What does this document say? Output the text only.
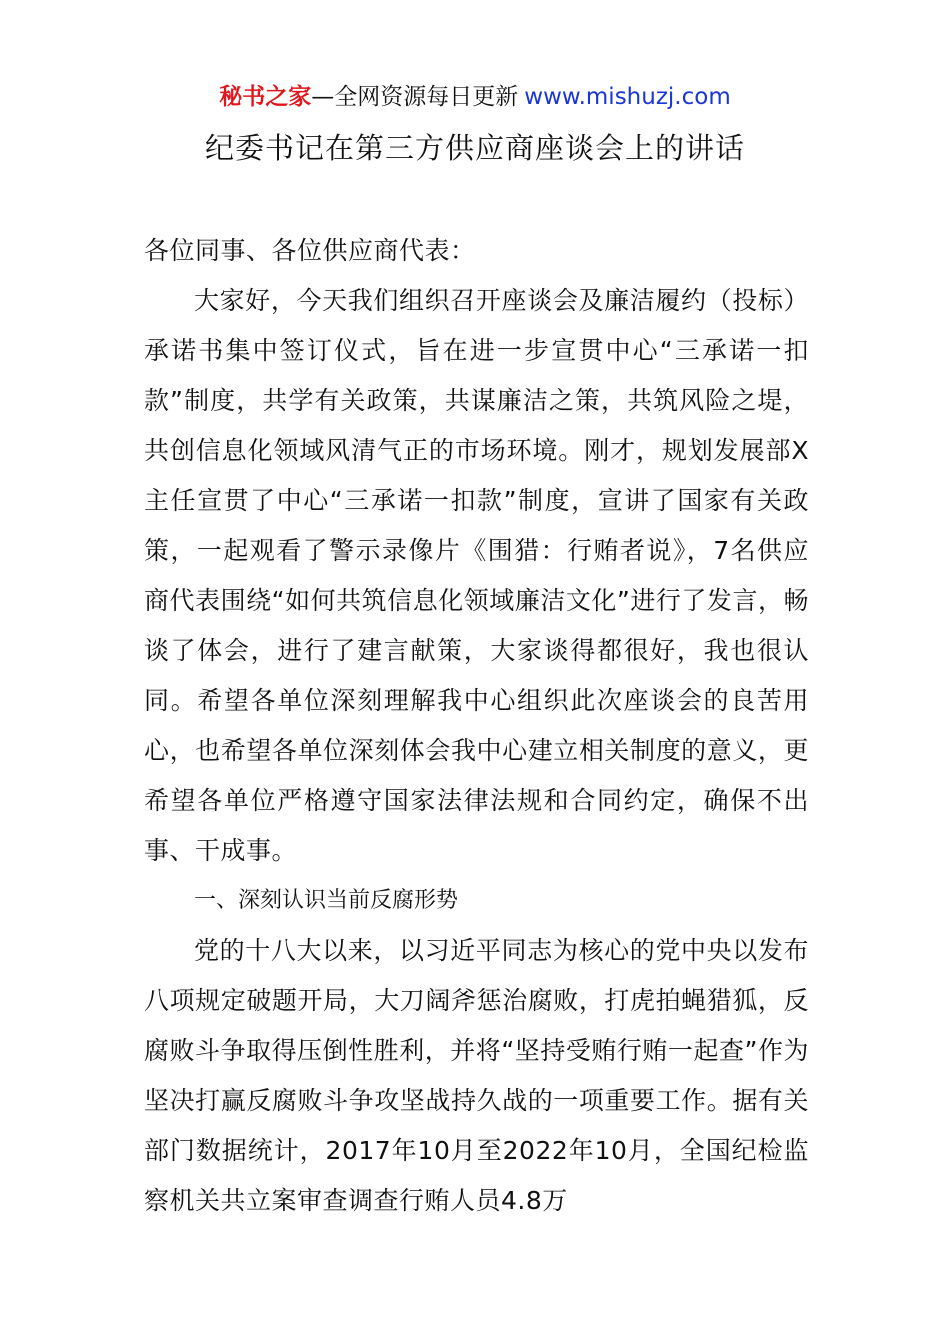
秘书之家—全网资源每日更新 www.mishuzj.com
纪委书记在第三方供应商座谈会上的讲话

各位同事、各位供应商代表：

大家好，今天我们组织召开座谈会及廉洁履约（投标）承诺书集中签订仪式，旨在进一步宣贯中心“三承诺一扣款”制度，共学有关政策，共谋廉洁之策，共筑风险之堤，共创信息化领域风清气正的市场环境。刚才，规划发展部X主任宣贯了中心“三承诺一扣款”制度，宣讲了国家有关政策，一起观看了警示录像片《围猎：行贿者说》，7名供应商代表围绕“如何共筑信息化领域廉洁文化”进行了发言，畅谈了体会，进行了建言献策，大家谈得都很好，我也很认同。希望各单位深刻理解我中心组织此次座谈会的良苦用心，也希望各单位深刻体会我中心建立相关制度的意义，更希望各单位严格遵守国家法律法规和合同约定，确保不出事、干成事。

一、深刻认识当前反腐形势

党的十八大以来，以习近平同志为核心的党中央以发布八项规定破题开局，大刀阔斧惩治腐败，打虎拍蝇猎狐，反腐败斗争取得压倒性胜利，并将“坚持受贿行贿一起查”作为坚决打赢反腐败斗争攻坚战持久战的一项重要工作。据有关部门数据统计，2017年10月至2022年10月，全国纪检监察机关共立案审查调查行贿人员4.8万
